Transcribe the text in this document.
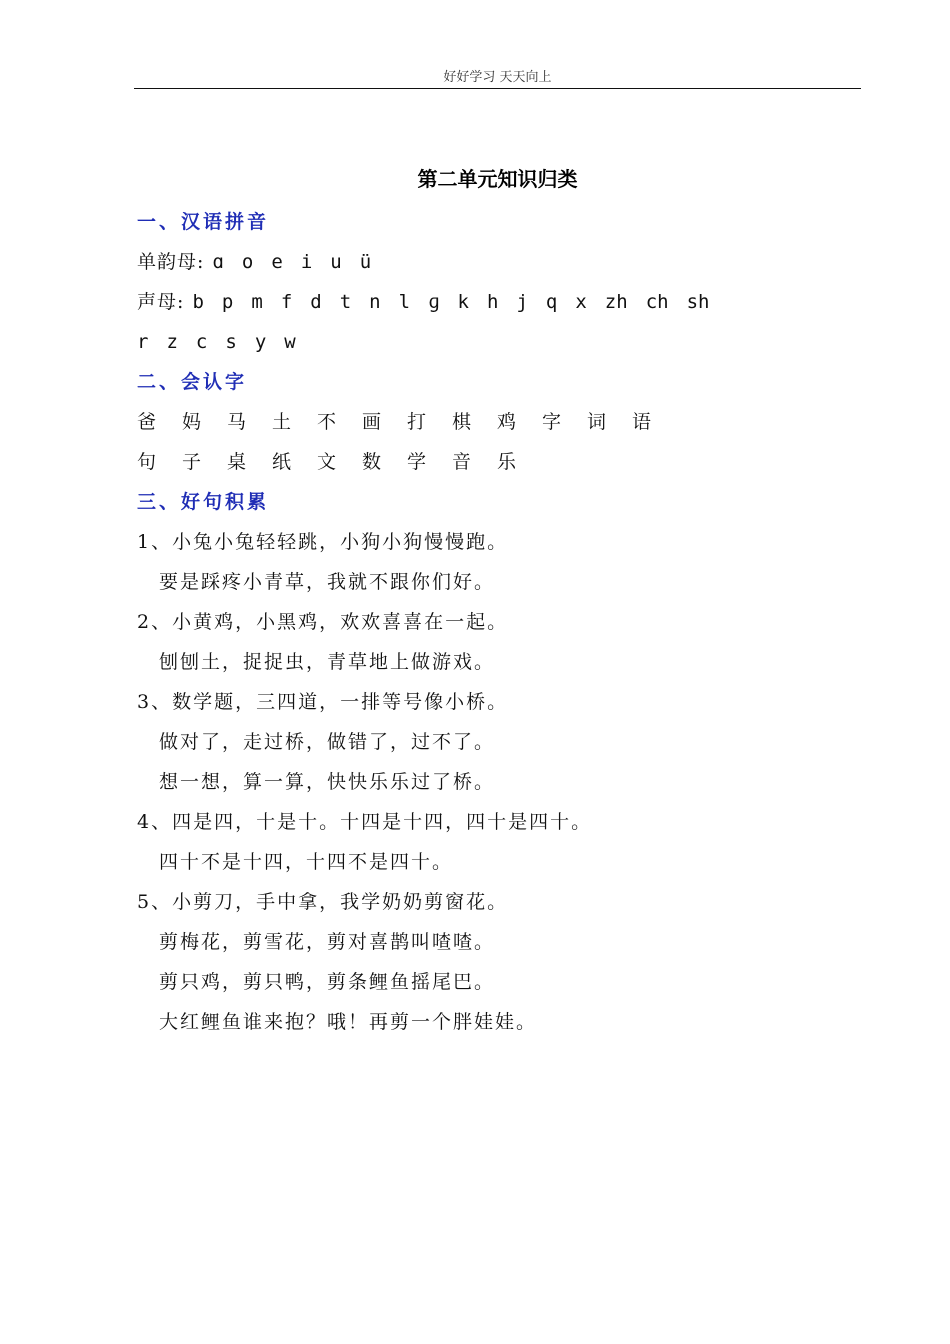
好好学习 天天向上
第二单元知识归类
一、汉语拼音
单韵母: ɑ o e i u ü
声母: b p m f d t n l ɡ k h j q x zh ch sh
r z c s y w
二、会认字
爸 妈 马 土 不 画 打 棋 鸡 字 词 语
句 子 桌 纸 文 数 学 音 乐
三、好句积累
1、小兔小兔轻轻跳，小狗小狗慢慢跑。
要是踩疼小青草，我就不跟你们好。
2、小黄鸡，小黑鸡，欢欢喜喜在一起。
刨刨土，捉捉虫，青草地上做游戏。
3、数学题，三四道，一排等号像小桥。
做对了，走过桥，做错了，过不了。
想一想，算一算，快快乐乐过了桥。
4、四是四，十是十。十四是十四，四十是四十。
四十不是十四，十四不是四十。
5、小剪刀，手中拿，我学奶奶剪窗花。
剪梅花，剪雪花，剪对喜鹊叫喳喳。
剪只鸡，剪只鸭，剪条鲤鱼摇尾巴。
大红鲤鱼谁来抱？哦！再剪一个胖娃娃。
